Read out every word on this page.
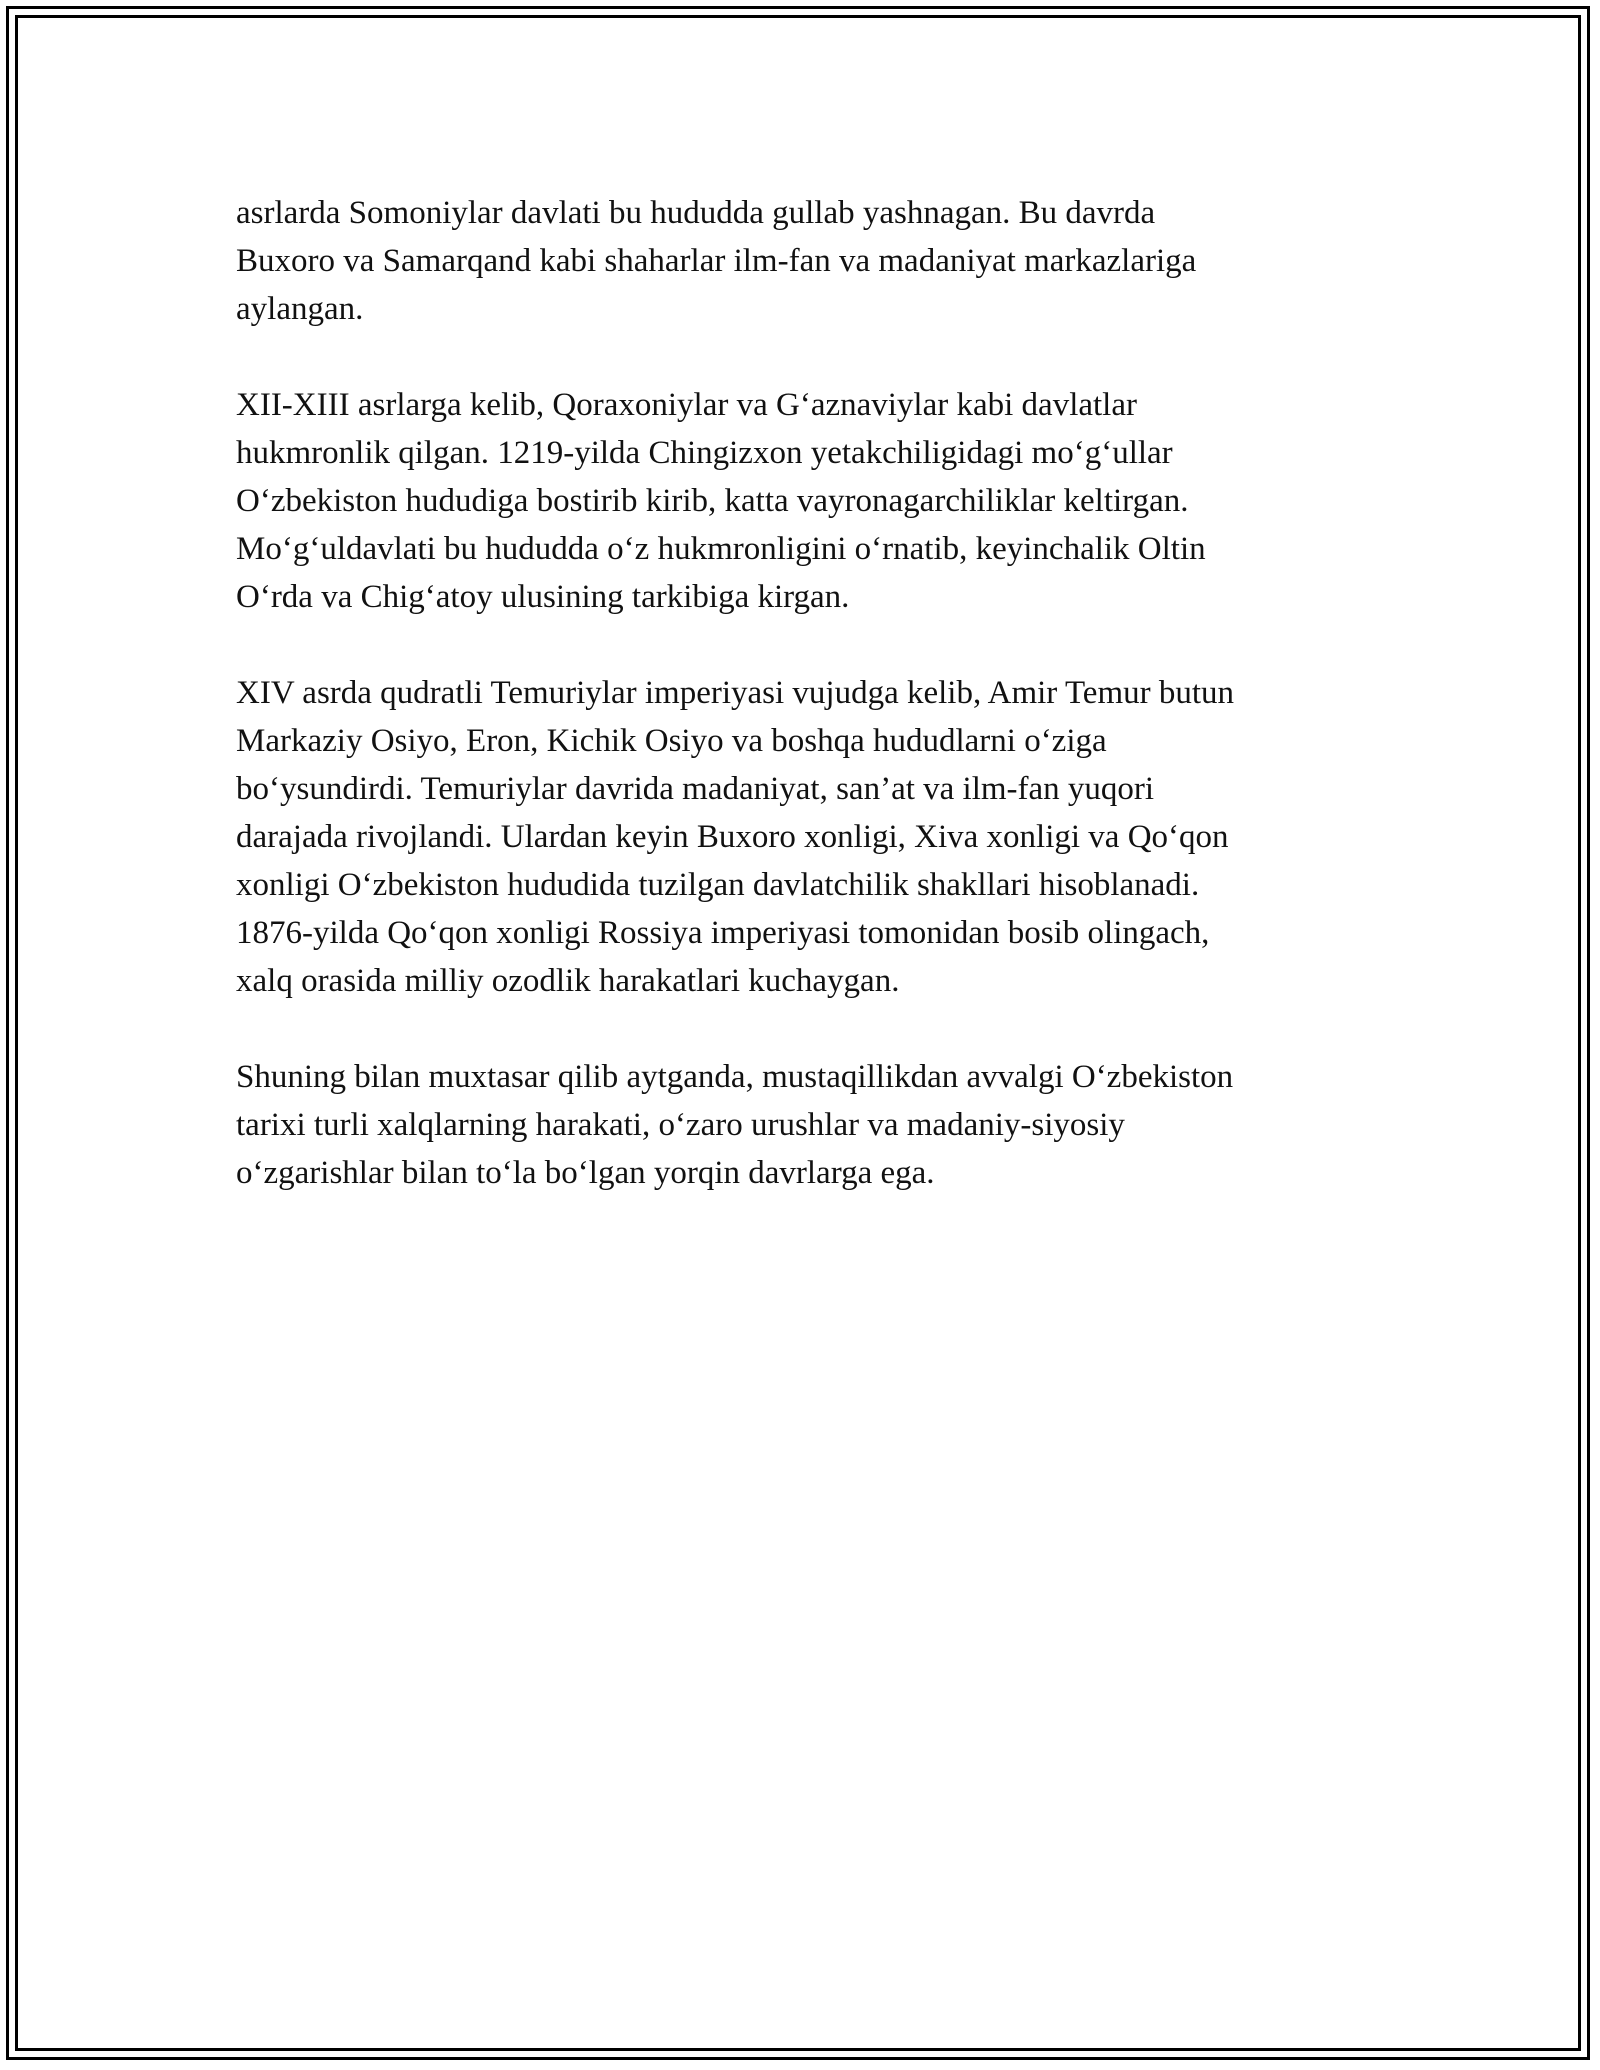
asrlarda Somoniylar davlati bu hududda gullab yashnagan. Bu davrda
Buxoro va Samarqand kabi shaharlar ilm-fan va madaniyat markazlariga
aylangan.

XII-XIII asrlarga kelib, Qoraxoniylar va G‘aznaviylar kabi davlatlar
hukmronlik qilgan. 1219-yilda Chingizxon yetakchiligidagi mo‘g‘ullar
O‘zbekiston hududiga bostirib kirib, katta vayronagarchiliklar keltirgan.
Mo‘g‘uldavlati bu hududda o‘z hukmronligini o‘rnatib, keyinchalik Oltin
O‘rda va Chig‘atoy ulusining tarkibiga kirgan.

XIV asrda qudratli Temuriylar imperiyasi vujudga kelib, Amir Temur butun
Markaziy Osiyo, Eron, Kichik Osiyo va boshqa hududlarni o‘ziga
bo‘ysundirdi. Temuriylar davrida madaniyat, san’at va ilm-fan yuqori
darajada rivojlandi. Ulardan keyin Buxoro xonligi, Xiva xonligi va Qo‘qon
xonligi O‘zbekiston hududida tuzilgan davlatchilik shakllari hisoblanadi.
1876-yilda Qo‘qon xonligi Rossiya imperiyasi tomonidan bosib olingach,
xalq orasida milliy ozodlik harakatlari kuchaygan.

Shuning bilan muxtasar qilib aytganda, mustaqillikdan avvalgi O‘zbekiston
tarixi turli xalqlarning harakati, o‘zaro urushlar va madaniy-siyosiy
o‘zgarishlar bilan to‘la bo‘lgan yorqin davrlarga ega.
